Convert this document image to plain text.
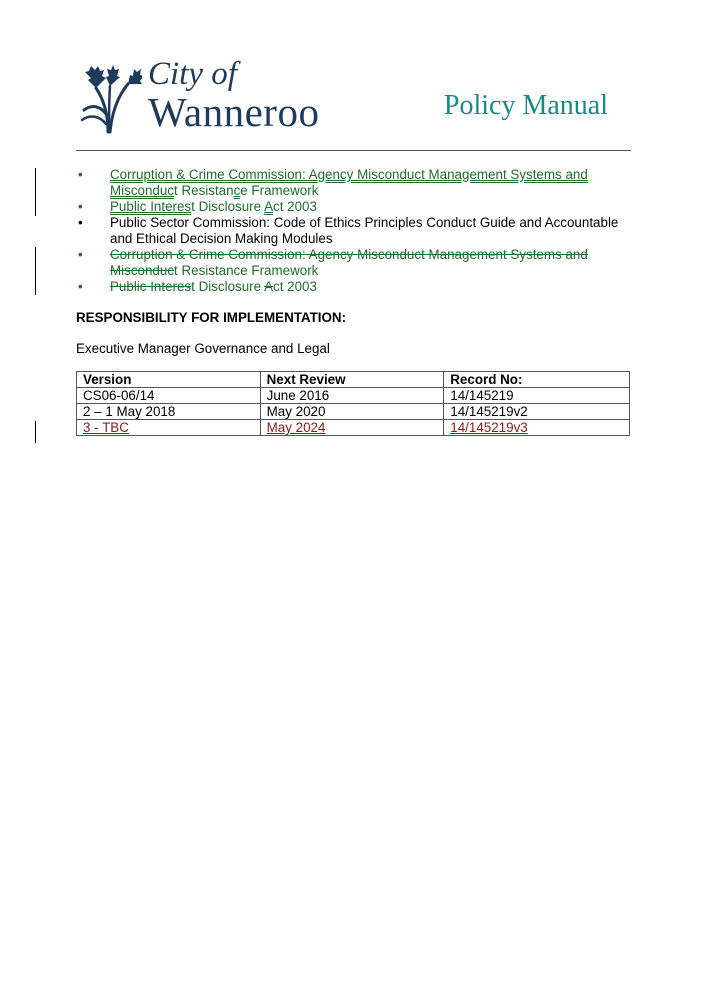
City of
Wanneroo	Policy Manual
• Corruption & Crime Commission: Agency Misconduct Management Systems and Misconduct Resistance Framework
• Public Interest Disclosure Act 2003
• Public Sector Commission: Code of Ethics Principles Conduct Guide and Accountable and Ethical Decision Making Modules
• Corruption & Crime Commission: Agency Misconduct Management Systems and Misconduct Resistance Framework
• Public Interest Disclosure Act 2003
RESPONSIBILITY FOR IMPLEMENTATION:
Executive Manager Governance and Legal
Version	Next Review	Record No:
CS06-06/14	June 2016	14/145219
2 – 1 May 2018	May 2020	14/145219v2
3 - TBC	May 2024	14/145219v3
